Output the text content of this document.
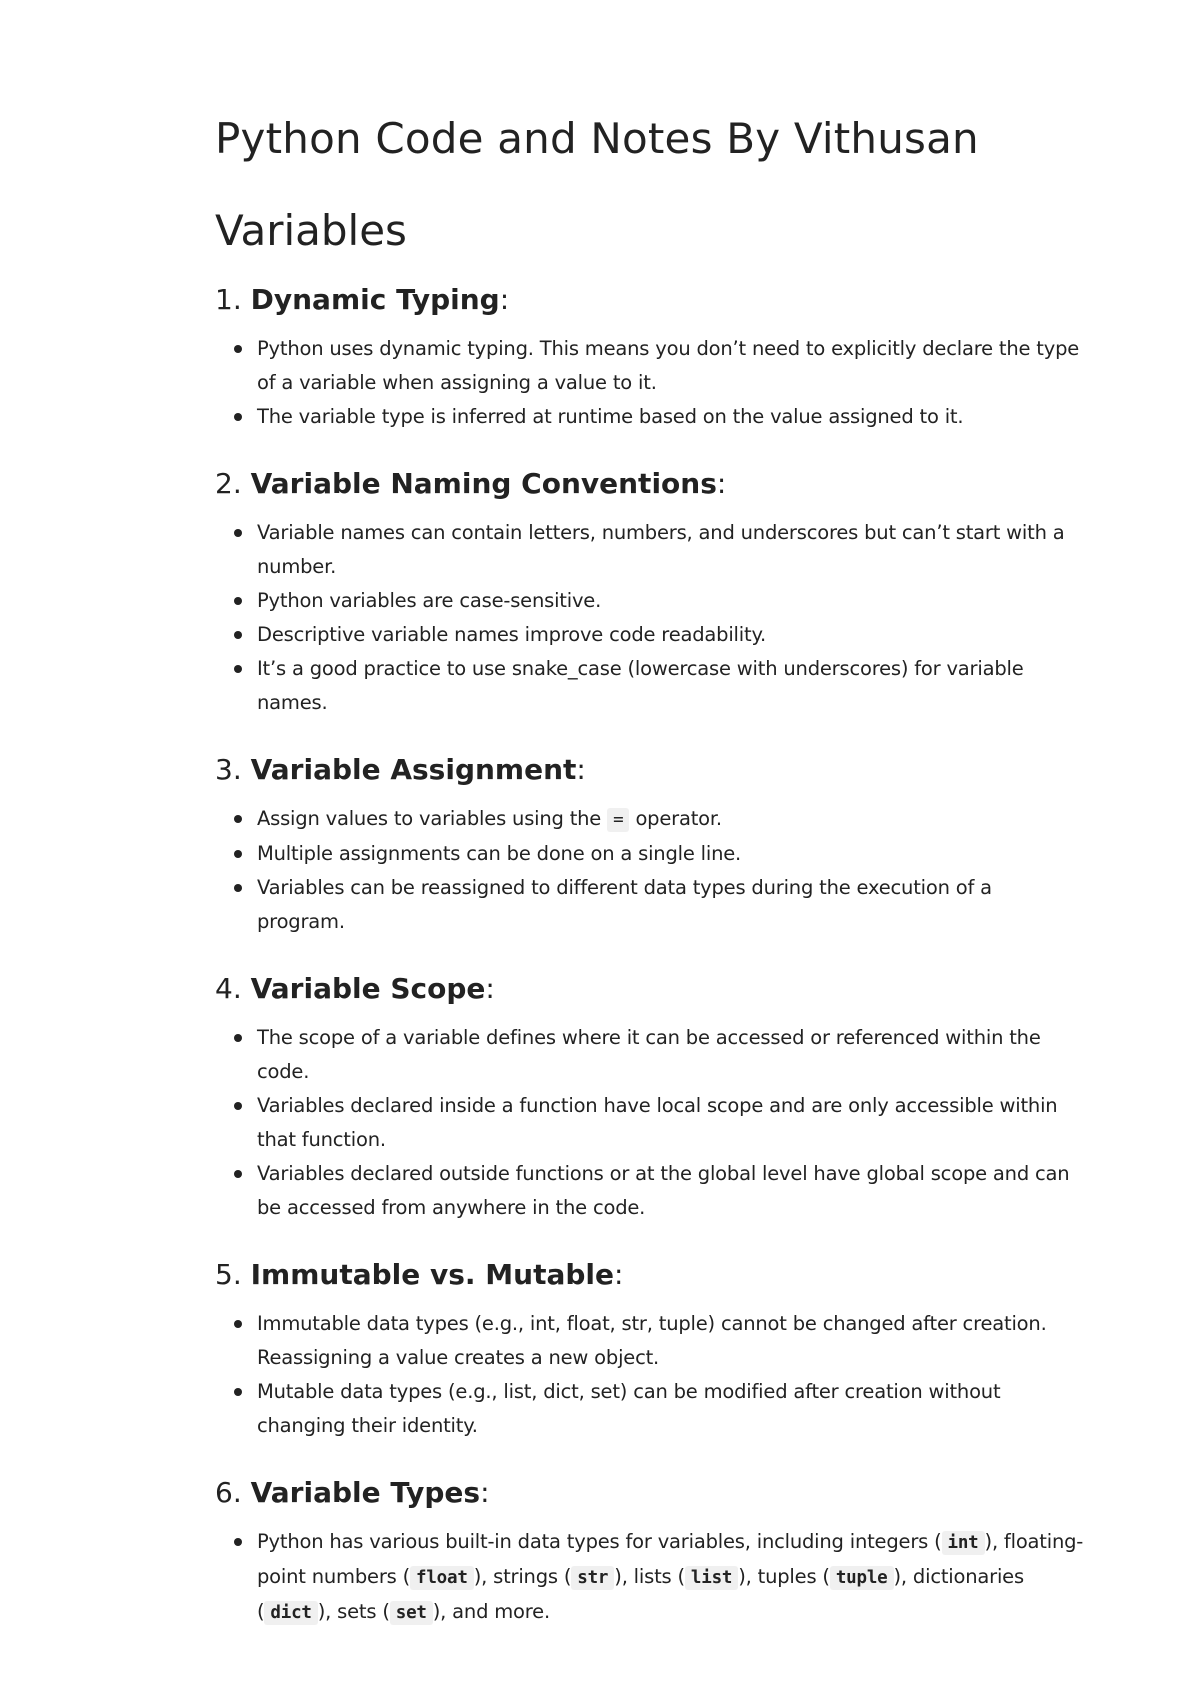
Python Code and Notes By Vithusan
Variables
1. Dynamic Typing:
Python uses dynamic typing. This means you don’t need to explicitly declare the type of a variable when assigning a value to it.
The variable type is inferred at runtime based on the value assigned to it.
2. Variable Naming Conventions:
Variable names can contain letters, numbers, and underscores but can’t start with a number.
Python variables are case-sensitive.
Descriptive variable names improve code readability.
It’s a good practice to use snake_case (lowercase with underscores) for variable names.
3. Variable Assignment:
Assign values to variables using the = operator.
Multiple assignments can be done on a single line.
Variables can be reassigned to different data types during the execution of a program.
4. Variable Scope:
The scope of a variable defines where it can be accessed or referenced within the code.
Variables declared inside a function have local scope and are only accessible within that function.
Variables declared outside functions or at the global level have global scope and can be accessed from anywhere in the code.
5. Immutable vs. Mutable:
Immutable data types (e.g., int, float, str, tuple) cannot be changed after creation. Reassigning a value creates a new object.
Mutable data types (e.g., list, dict, set) can be modified after creation without changing their identity.
6. Variable Types:
Python has various built-in data types for variables, including integers ( int ), floating-point numbers ( float ), strings ( str ), lists ( list ), tuples ( tuple ), dictionaries ( dict ), sets ( set ), and more.
